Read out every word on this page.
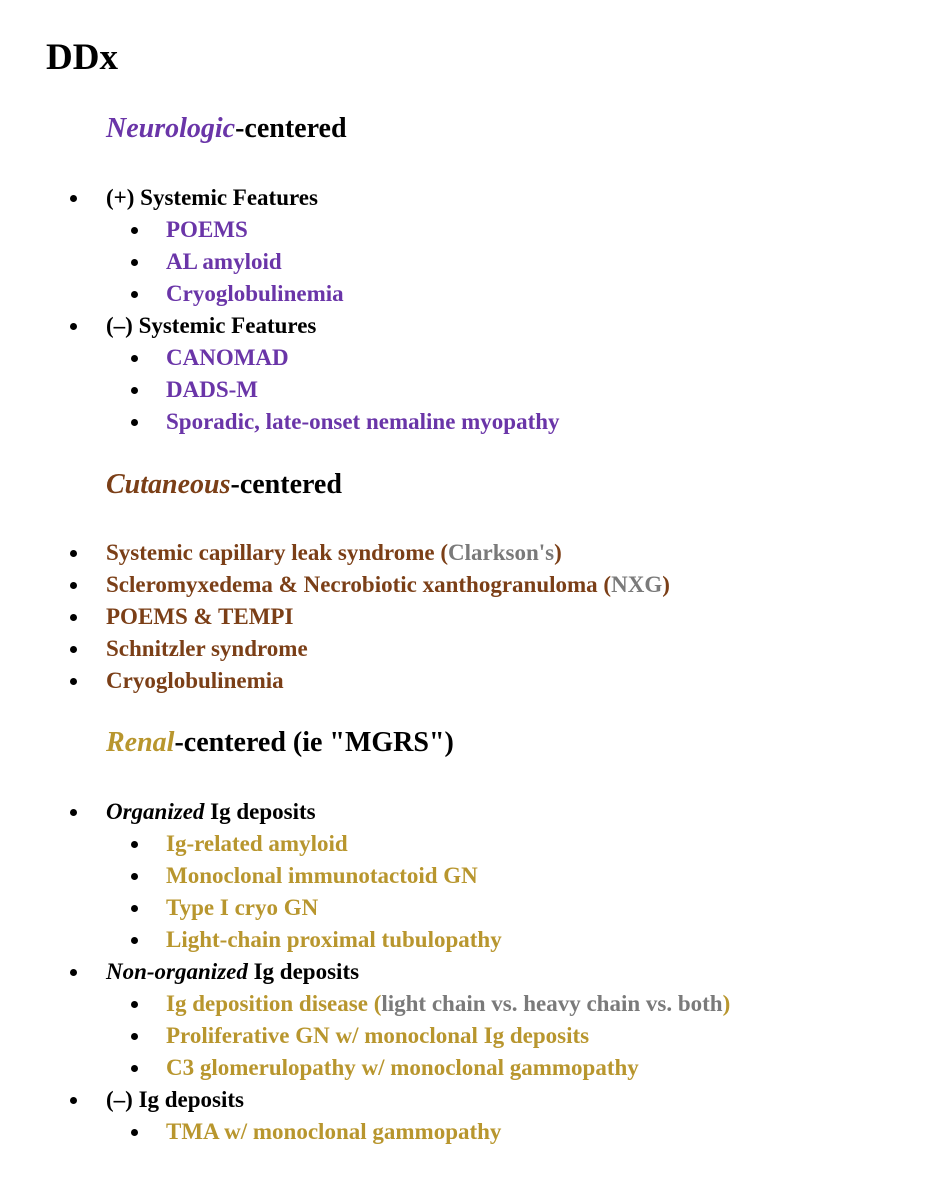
DDx
Neurologic-centered
(+) Systemic Features
POEMS
AL amyloid
Cryoglobulinemia
(–) Systemic Features
CANOMAD
DADS-M
Sporadic, late-onset nemaline myopathy
Cutaneous-centered
Systemic capillary leak syndrome (Clarkson's)
Scleromyxedema & Necrobiotic xanthogranuloma (NXG)
POEMS & TEMPI
Schnitzler syndrome
Cryoglobulinemia
Renal-centered (ie "MGRS")
Organized Ig deposits
Ig-related amyloid
Monoclonal immunotactoid GN
Type I cryo GN
Light-chain proximal tubulopathy
Non-organized Ig deposits
Ig deposition disease (light chain vs. heavy chain vs. both)
Proliferative GN w/ monoclonal Ig deposits
C3 glomerulopathy w/ monoclonal gammopathy
(–) Ig deposits
TMA w/ monoclonal gammopathy
